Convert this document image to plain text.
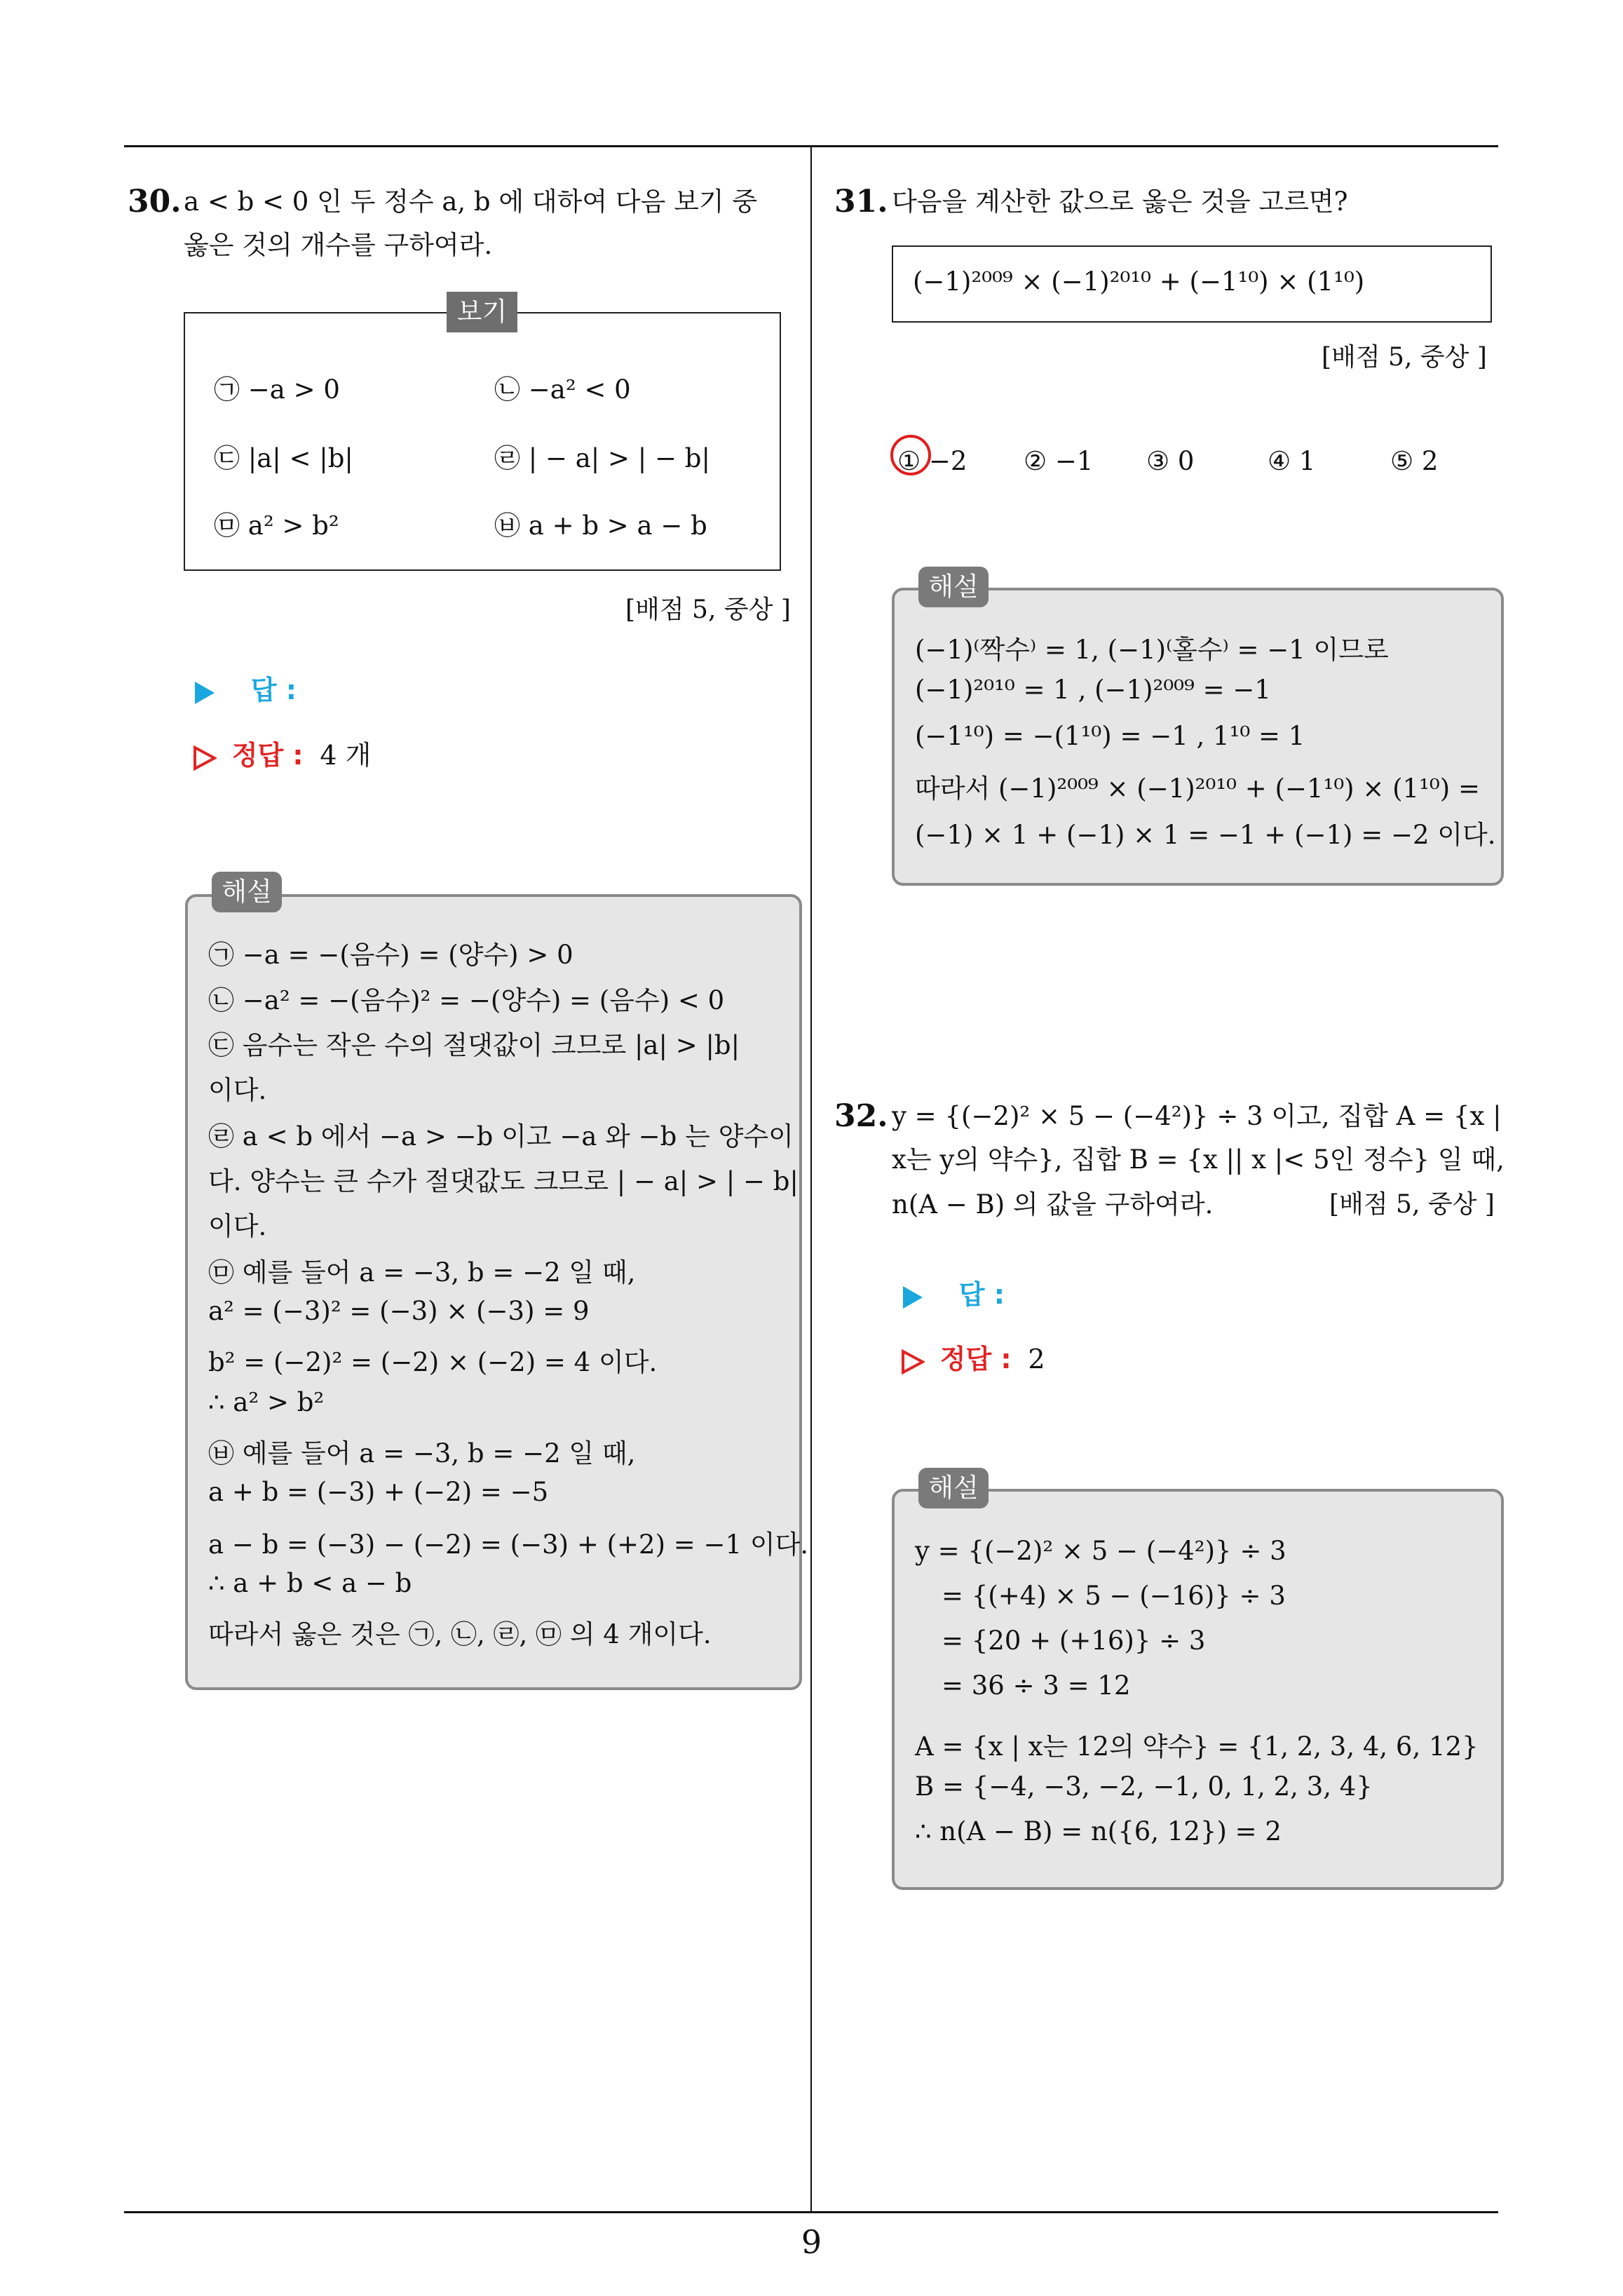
9
30. a < b < 0 인 두 정수 a, b 에 대하여 다음 보기 중
옳은 것의 개수를 구하여라.
보기
㉠ −a > 0	㉡ −a² < 0
㉢ |a| < |b|	㉣ | − a| > | − b|
㉤ a² > b²	㉥ a + b > a − b
[배점 5, 중상 ]
답 :
정답 : 4 개
해설
㉠ −a = −(음수) = (양수) > 0
㉡ −a² = −(음수)² = −(양수) = (음수) < 0
㉢ 음수는 작은 수의 절댓값이 크므로 |a| > |b|
이다.
㉣ a < b 에서 −a > −b 이고 −a 와 −b 는 양수이
다. 양수는 큰 수가 절댓값도 크므로 | − a| > | − b|
이다.
㉤ 예를 들어 a = −3, b = −2 일 때,
a² = (−3)² = (−3) × (−3) = 9
b² = (−2)² = (−2) × (−2) = 4 이다.
∴ a² > b²
㉥ 예를 들어 a = −3, b = −2 일 때,
a + b = (−3) + (−2) = −5
a − b = (−3) − (−2) = (−3) + (+2) = −1 이다.
∴ a + b < a − b
따라서 옳은 것은 ㉠, ㉡, ㉣, ㉤ 의 4 개이다.
31. 다음을 계산한 값으로 옳은 것을 고르면?
(−1)²⁰⁰⁹ × (−1)²⁰¹⁰ + (−1¹⁰) × (1¹⁰)
[배점 5, 중상 ]
① −2 ② −1 ③ 0	④ 1	⑤ 2
해설
(−1)⁽짝수⁾ = 1, (−1)⁽홀수⁾ = −1 이므로
(−1)²⁰¹⁰ = 1 , (−1)²⁰⁰⁹ = −1
(−1¹⁰) = −(1¹⁰) = −1 , 1¹⁰ = 1
따라서 (−1)²⁰⁰⁹ × (−1)²⁰¹⁰ + (−1¹⁰) × (1¹⁰) =
(−1) × 1 + (−1) × 1 = −1 + (−1) = −2 이다.
32. y = {(−2)² × 5 − (−4²)} ÷ 3 이고, 집합 A = {x |
x는 y의 약수}, 집합 B = {x || x |< 5인 정수} 일 때,
n(A − B) 의 값을 구하여라.	[배점 5, 중상 ]
답 :
정답 : 2
해설
y = {(−2)² × 5 − (−4²)} ÷ 3
= {(+4) × 5 − (−16)} ÷ 3
= {20 + (+16)} ÷ 3
= 36 ÷ 3 = 12
A = {x | x는 12의 약수} = {1, 2, 3, 4, 6, 12}
B = {−4, −3, −2, −1, 0, 1, 2, 3, 4}
∴ n(A − B) = n({6, 12}) = 2
